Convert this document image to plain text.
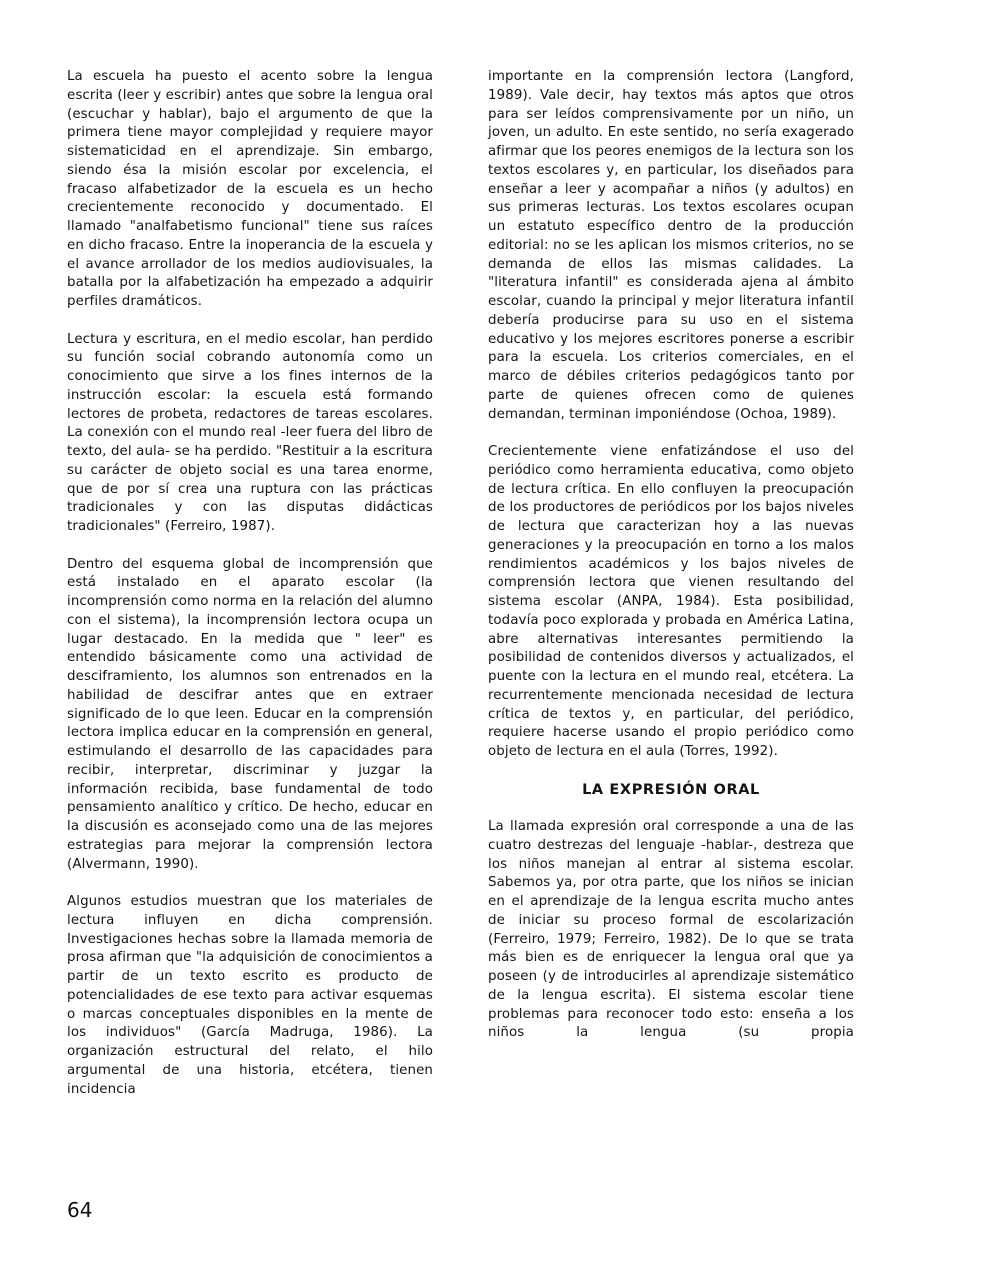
La escuela ha puesto el acento sobre la lengua escrita (leer y escribir) antes que sobre la lengua oral (escuchar y hablar), bajo el argumento de que la primera tiene mayor complejidad y requiere mayor sistematicidad en el aprendizaje. Sin embargo, siendo ésa la misión escolar por excelencia, el fracaso alfabetizador de la escuela es un hecho crecientemente reconocido y documentado. El llamado "analfabetismo funcional" tiene sus raíces en dicho fracaso. Entre la inoperancia de la escuela y el avance arrollador de los medios audiovisuales, la batalla por la alfabetización ha empezado a adquirir perfiles dramáticos.

Lectura y escritura, en el medio escolar, han perdido su función social cobrando autonomía como un conocimiento que sirve a los fines internos de la instrucción escolar: la escuela está formando lectores de probeta, redactores de tareas escolares. La conexión con el mundo real -leer fuera del libro de texto, del aula- se ha perdido. "Restituir a la escritura su carácter de objeto social es una tarea enorme, que de por sí crea una ruptura con las prácticas tradicionales y con las disputas didácticas tradicionales" (Ferreiro, 1987).

Dentro del esquema global de incomprensión que está instalado en el aparato escolar (la incomprensión como norma en la relación del alumno con el sistema), la incomprensión lectora ocupa un lugar destacado. En la medida que " leer" es entendido básicamente como una actividad de desciframiento, los alumnos son entrenados en la habilidad de descifrar antes que en extraer significado de lo que leen. Educar en la comprensión lectora implica educar en la comprensión en general, estimulando el desarrollo de las capacidades para recibir, interpretar, discriminar y juzgar la información recibida, base fundamental de todo pensamiento analítico y crítico. De hecho, educar en la discusión es aconsejado como una de las mejores estrategias para mejorar la comprensión lectora (Alvermann, 1990).

Algunos estudios muestran que los materiales de lectura influyen en dicha comprensión. Investigaciones hechas sobre la llamada memoria de prosa afirman que "la adquisición de conocimientos a partir de un texto escrito es producto de potencialidades de ese texto para activar esquemas o marcas conceptuales disponibles en la mente de los individuos" (García Madruga, 1986). La organización estructural del relato, el hilo argumental de una historia, etcétera, tienen incidencia

importante en la comprensión lectora (Langford, 1989). Vale decir, hay textos más aptos que otros para ser leídos comprensivamente por un niño, un joven, un adulto. En este sentido, no sería exagerado afirmar que los peores enemigos de la lectura son los textos escolares y, en particular, los diseñados para enseñar a leer y acompañar a niños (y adultos) en sus primeras lecturas. Los textos escolares ocupan un estatuto específico dentro de la producción editorial: no se les aplican los mismos criterios, no se demanda de ellos las mismas calidades. La "literatura infantil" es considerada ajena al ámbito escolar, cuando la principal y mejor literatura infantil debería producirse para su uso en el sistema educativo y los mejores escritores ponerse a escribir para la escuela. Los criterios comerciales, en el marco de débiles criterios pedagógicos tanto por parte de quienes ofrecen como de quienes demandan, terminan imponiéndose (Ochoa, 1989).

Crecientemente viene enfatizándose el uso del periódico como herramienta educativa, como objeto de lectura crítica. En ello confluyen la preocupación de los productores de periódicos por los bajos niveles de lectura que caracterizan hoy a las nuevas generaciones y la preocupación en torno a los malos rendimientos académicos y los bajos niveles de comprensión lectora que vienen resultando del sistema escolar (ANPA, 1984). Esta posibilidad, todavía poco explorada y probada en América Latina, abre alternativas interesantes permitiendo la posibilidad de contenidos diversos y actualizados, el puente con la lectura en el mundo real, etcétera. La recurrentemente mencionada necesidad de lectura crítica de textos y, en particular, del periódico, requiere hacerse usando el propio periódico como objeto de lectura en el aula (Torres, 1992).

LA EXPRESIÓN ORAL

La llamada expresión oral corresponde a una de las cuatro destrezas del lenguaje -hablar-, destreza que los niños manejan al entrar al sistema escolar. Sabemos ya, por otra parte, que los niños se inician en el aprendizaje de la lengua escrita mucho antes de iniciar su proceso formal de escolarización (Ferreiro, 1979; Ferreiro, 1982). De lo que se trata más bien es de enriquecer la lengua oral que ya poseen (y de introducirles al aprendizaje sistemático de la lengua escrita). El sistema escolar tiene problemas para reconocer todo esto: enseña a los niños la lengua (su propia

64
